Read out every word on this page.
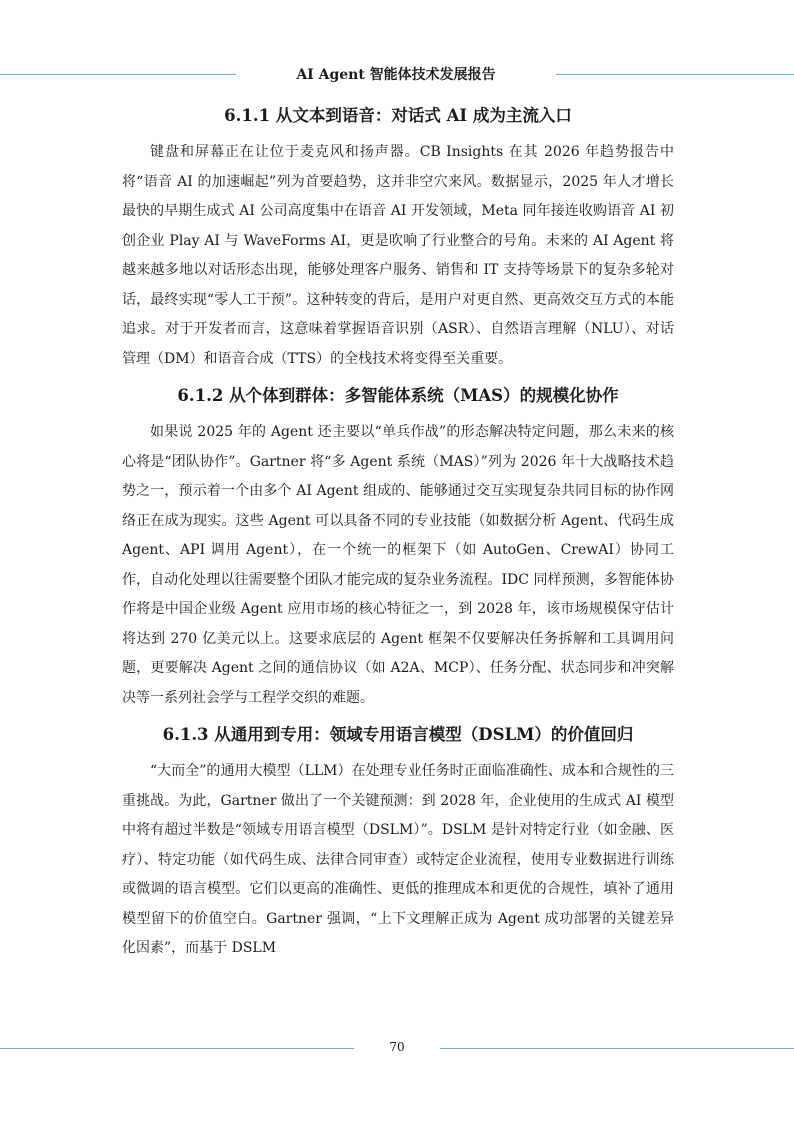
AI Agent 智能体技术发展报告
6.1.1 从文本到语音：对话式 AI 成为主流入口

键盘和屏幕正在让位于麦克风和扬声器。CB Insights 在其 2026 年趋势报告中将“语音 AI 的加速崛起”列为首要趋势，这并非空穴来风。数据显示，2025 年人才增长最快的早期生成式 AI 公司高度集中在语音 AI 开发领域，Meta 同年接连收购语音 AI 初创企业 Play AI 与 WaveForms AI，更是吹响了行业整合的号角。未来的 AI Agent 将越来越多地以对话形态出现，能够处理客户服务、销售和 IT 支持等场景下的复杂多轮对话，最终实现“零人工干预”。这种转变的背后，是用户对更自然、更高效交互方式的本能追求。对于开发者而言，这意味着掌握语音识别（ASR）、自然语言理解（NLU）、对话管理（DM）和语音合成（TTS）的全栈技术将变得至关重要。

6.1.2 从个体到群体：多智能体系统（MAS）的规模化协作

如果说 2025 年的 Agent 还主要以“单兵作战”的形态解决特定问题，那么未来的核心将是“团队协作”。Gartner 将“多 Agent 系统（MAS）”列为 2026 年十大战略技术趋势之一，预示着一个由多个 AI Agent 组成的、能够通过交互实现复杂共同目标的协作网络正在成为现实。这些 Agent 可以具备不同的专业技能（如数据分析 Agent、代码生成 Agent、API 调用 Agent），在一个统一的框架下（如 AutoGen、CrewAI）协同工作，自动化处理以往需要整个团队才能完成的复杂业务流程。IDC 同样预测，多智能体协作将是中国企业级 Agent 应用市场的核心特征之一，到 2028 年，该市场规模保守估计将达到 270 亿美元以上。这要求底层的 Agent 框架不仅要解决任务拆解和工具调用问题，更要解决 Agent 之间的通信协议（如 A2A、MCP）、任务分配、状态同步和冲突解决等一系列社会学与工程学交织的难题。

6.1.3 从通用到专用：领域专用语言模型（DSLM）的价值回归

“大而全”的通用大模型（LLM）在处理专业任务时正面临准确性、成本和合规性的三重挑战。为此，Gartner 做出了一个关键预测：到 2028 年，企业使用的生成式 AI 模型中将有超过半数是“领域专用语言模型（DSLM）”。DSLM 是针对特定行业（如金融、医疗）、特定功能（如代码生成、法律合同审查）或特定企业流程，使用专业数据进行训练或微调的语言模型。它们以更高的准确性、更低的推理成本和更优的合规性，填补了通用模型留下的价值空白。Gartner 强调，“上下文理解正成为 Agent 成功部署的关键差异化因素”，而基于 DSLM

70
